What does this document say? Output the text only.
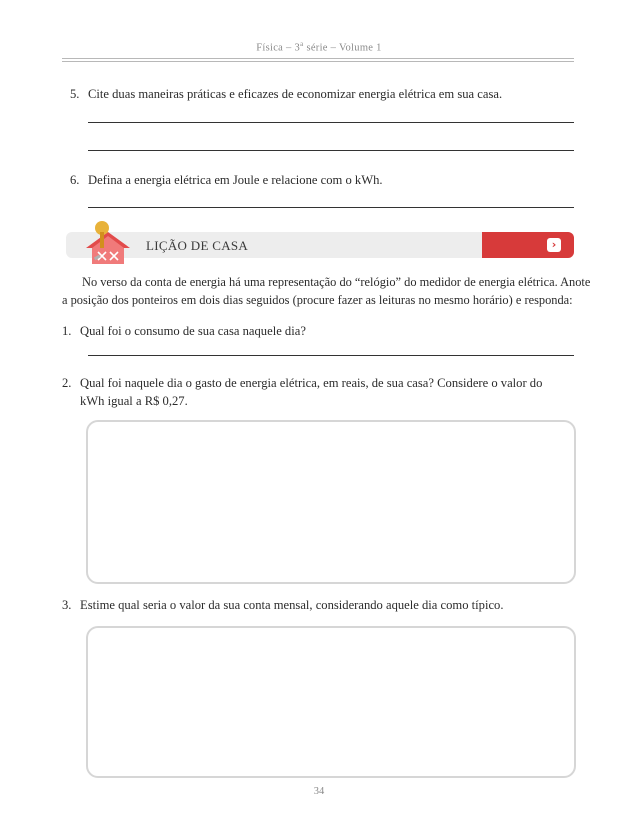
Física – 3$^a$ série – Volume 1
5. Cite duas maneiras práticas e eficazes de economizar energia elétrica em sua casa.
6. Defina a energia elétrica em Joule e relacione com o kWh.
LIÇÃO DE CASA	›
No verso da conta de energia há uma representação do “relógio” do medidor de energia elétrica. Anote
a posição dos ponteiros em dois dias seguidos (procure fazer as leituras no mesmo horário) e responda:
1. Qual foi o consumo de sua casa naquele dia?
2. Qual foi naquele dia o gasto de energia elétrica, em reais, de sua casa? Considere o valor do
kWh igual a R$ 0,27.
3. Estime qual seria o valor da sua conta mensal, considerando aquele dia como típico.
34
